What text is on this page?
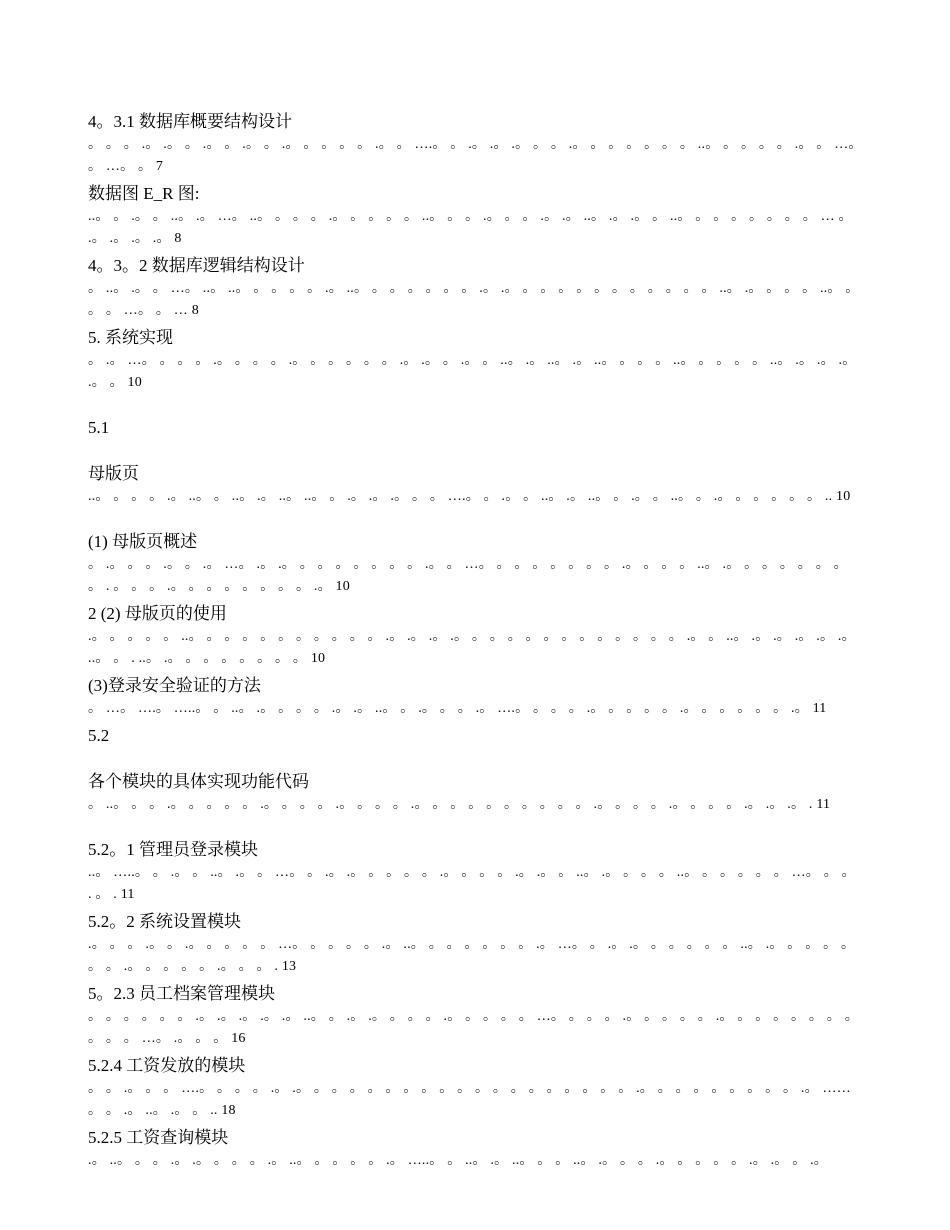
4。3.1 数据库概要结构设计
。 。 。 .。 .。 。 .。 。 .。 。 .。 。 。 。 。 .。 。 ….。 。 .。 .。 .。 。 。 .。 。 。 。 。 。 。 ..。 。 。 。 。 .。 。 …。 。 …。 。 7
数据图 E_R 图:
..。 。 .。 。 ..。 .。 …。 ..。 。 。 。 .。 。 。 。 。 ..。 。 。 .。 。 。 .。 .。 ..。 .。 .。 。 ..。 。 。 。 。 。 。 。 … 。 .。 .。 .。 .。 8
4。3。2 数据库逻辑结构设计
。 ..。 .。 。 …。 ..。 ..。 。 。 。 。 .。 ..。 。 。 。 。 。 。 .。 .。 。 。 。 。 。 。 。 。 。 。 。 ..。 .。 。 。 。 ..。 。 。 。 …。 。 … 8
5. 系统实现
。 .。 …。 。 。 。 .。 。 。 。 .。 。 。 。 。 。 .。 .。 。 .。 。 ..。 .。 ..。 .。 ..。 。 。 。 ..。 。 。 。 。 ..。 .。 .。 .。 .。 。 10
5.1
母版页
..。 。 。 。 .。 ..。 。 ..。 .。 ..。 ..。 。 .。 .。 .。 。 。 ….。 。 .。 。 ..。 .。 ..。 。 .。 。 ..。 。 .。 。 。 。 。 。 .. 10
(1) 母版页概述
。 .。 。 。 .。 。 .。 …。 .。 .。 。 。 。 。 。 。 。 .。 。 …。 。 。 。 。 。 。 。 .。 。 。 。 ..。 .。 。 。 。 。 。 。 。 . 。 。 。 .。 。 。 。 。 。 。 。 .。 10
2 (2) 母版页的使用
.。 。 。 。 。 ..。 。 。 。 。 。 。 。 。 。 。 .。 .。 .。 .。 。 。 。 。 。 。 。 。 。 。 。 。 .。 。 ..。 .。 .。 .。 .。 .。 ..。 。 . ..。 .。 。 。 。 。 。 。 。 10
(3)登录安全验证的方法
。 …。 ….。 …..。 。 ..。 .。 。 。 。 .。 .。 ..。 。 .。 。 。 .。 ….。 。 。 。 .。 。 。 。 。 .。 。 。 。 。 。 .。 11
5.2
各个模块的具体实现功能代码
。 ..。 。 。 .。 。 。 。 。 .。 。 。 。 .。 。 。 。 .。 。 。 。 。 。 。 。 。 。 .。 。 。 。 .。 。 。 。 .。 .。 .。 . 11
5.2。1 管理员登录模块
..。 …..。 。 .。 。 ..。 .。 。 …。 。 .。 .。 。 。 。 。 .。 。 。 。 .。 .。 。 ..。 .。 。 。 。 ..。 。 。 。 。 。 …。 。 。 . 。 . 11
5.2。2 系统设置模块
.。 。 。 .。 。 .。 。 。 。 。 …。 。 。 。 。 .。 ..。 。 。 。 。 。 。 .。 …。 。 .。 .。 。 。 。 。 。 ..。 .。 。 。 。 。 。 。 .。 。 。 。 。 .。 。 。 . 13
5。2.3 员工档案管理模块
。 。 。 。 。 。 .。 .。 .。 .。 .。 ..。 。 .。 .。 。 。 。 .。 。 。 。 。 …。 。 。 。 .。 。 。 。 。 .。 。 。 。 。 。 。 。 。 。 。 …。 .。 。 。 16
5.2.4 工资发放的模块
。 。 .。 。 。 ….。 。 。 。 .。 .。 。 。 。 。 。 。 。 。 。 。 。 。 。 。 。 。 。 。 .。 。 。 。 。 。 。 。 。 .。 …… 。 。 .。 ..。 .。 。 .. 18
5.2.5 工资查询模块
.。 ..。 。 。 .。 .。 。 。 。 .。 ..。 。 。 。 。 .。 …..。 。 ..。 .。 ..。 。 。 ..。 .。 。 。 .。 。 。 。 。 .。 .。 。 .。
